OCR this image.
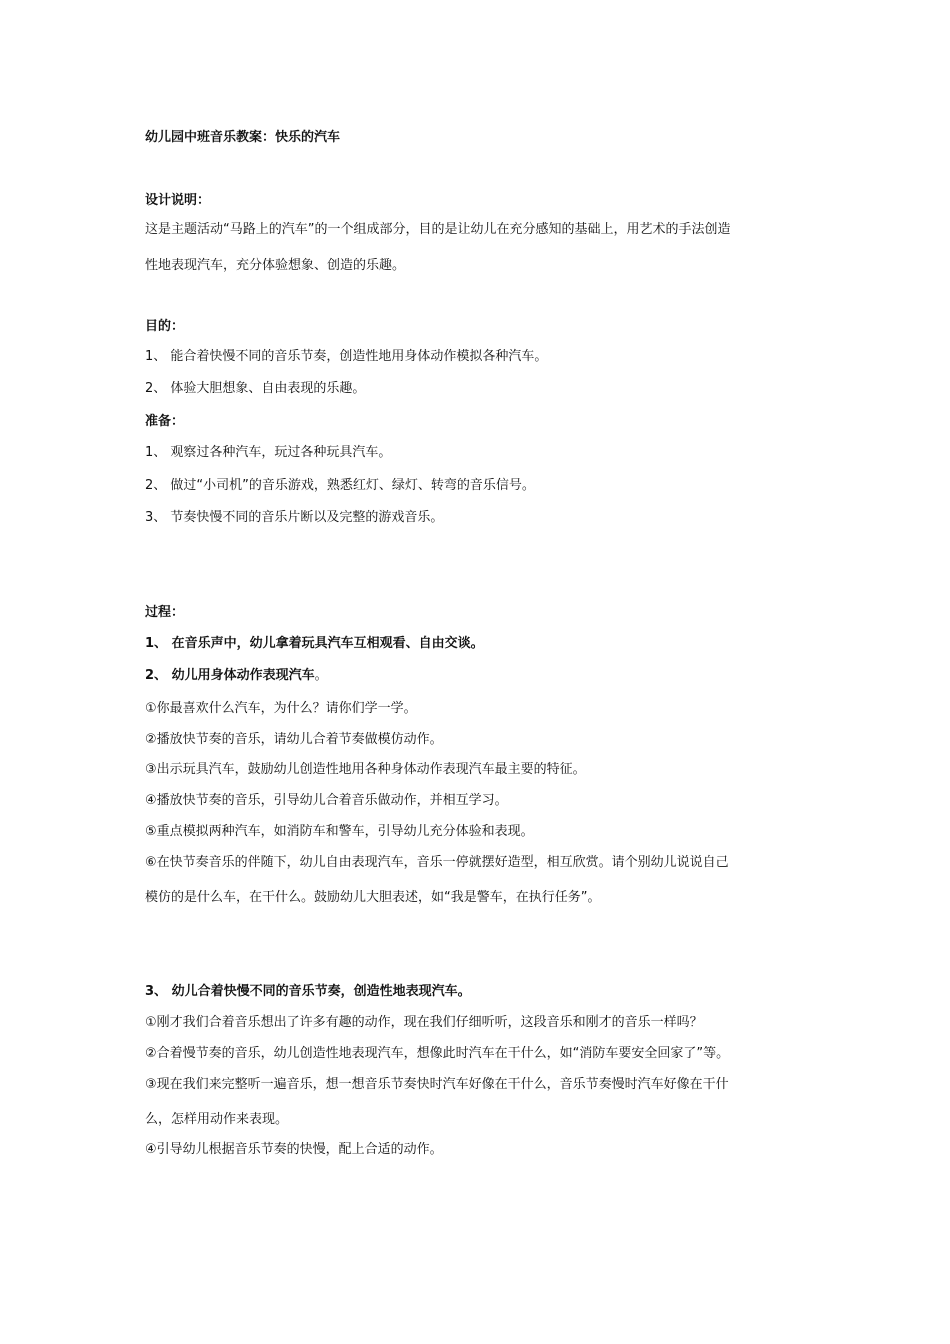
幼儿园中班音乐教案：快乐的汽车
设计说明：
这是主题活动“马路上的汽车”的一个组成部分，目的是让幼儿在充分感知的基础上，用艺术的手法创造
性地表现汽车，充分体验想象、创造的乐趣。
目的：
1、 能合着快慢不同的音乐节奏，创造性地用身体动作模拟各种汽车。
2、 体验大胆想象、自由表现的乐趣。
准备：
1、 观察过各种汽车，玩过各种玩具汽车。
2、 做过“小司机”的音乐游戏，熟悉红灯、绿灯、转弯的音乐信号。
3、 节奏快慢不同的音乐片断以及完整的游戏音乐。
过程：
1、 在音乐声中，幼儿拿着玩具汽车互相观看、自由交谈。
2、 幼儿用身体动作表现汽车。
①你最喜欢什么汽车，为什么？请你们学一学。
②播放快节奏的音乐，请幼儿合着节奏做模仿动作。
③出示玩具汽车，鼓励幼儿创造性地用各种身体动作表现汽车最主要的特征。
④播放快节奏的音乐，引导幼儿合着音乐做动作，并相互学习。
⑤重点模拟两种汽车，如消防车和警车，引导幼儿充分体验和表现。
⑥在快节奏音乐的伴随下，幼儿自由表现汽车，音乐一停就摆好造型，相互欣赏。请个别幼儿说说自己
模仿的是什么车，在干什么。鼓励幼儿大胆表述，如“我是警车，在执行任务”。
3、 幼儿合着快慢不同的音乐节奏，创造性地表现汽车。
①刚才我们合着音乐想出了许多有趣的动作，现在我们仔细听听，这段音乐和刚才的音乐一样吗？
②合着慢节奏的音乐，幼儿创造性地表现汽车，想像此时汽车在干什么，如“消防车要安全回家了”等。
③现在我们来完整听一遍音乐，想一想音乐节奏快时汽车好像在干什么，音乐节奏慢时汽车好像在干什
么，怎样用动作来表现。
④引导幼儿根据音乐节奏的快慢，配上合适的动作。
